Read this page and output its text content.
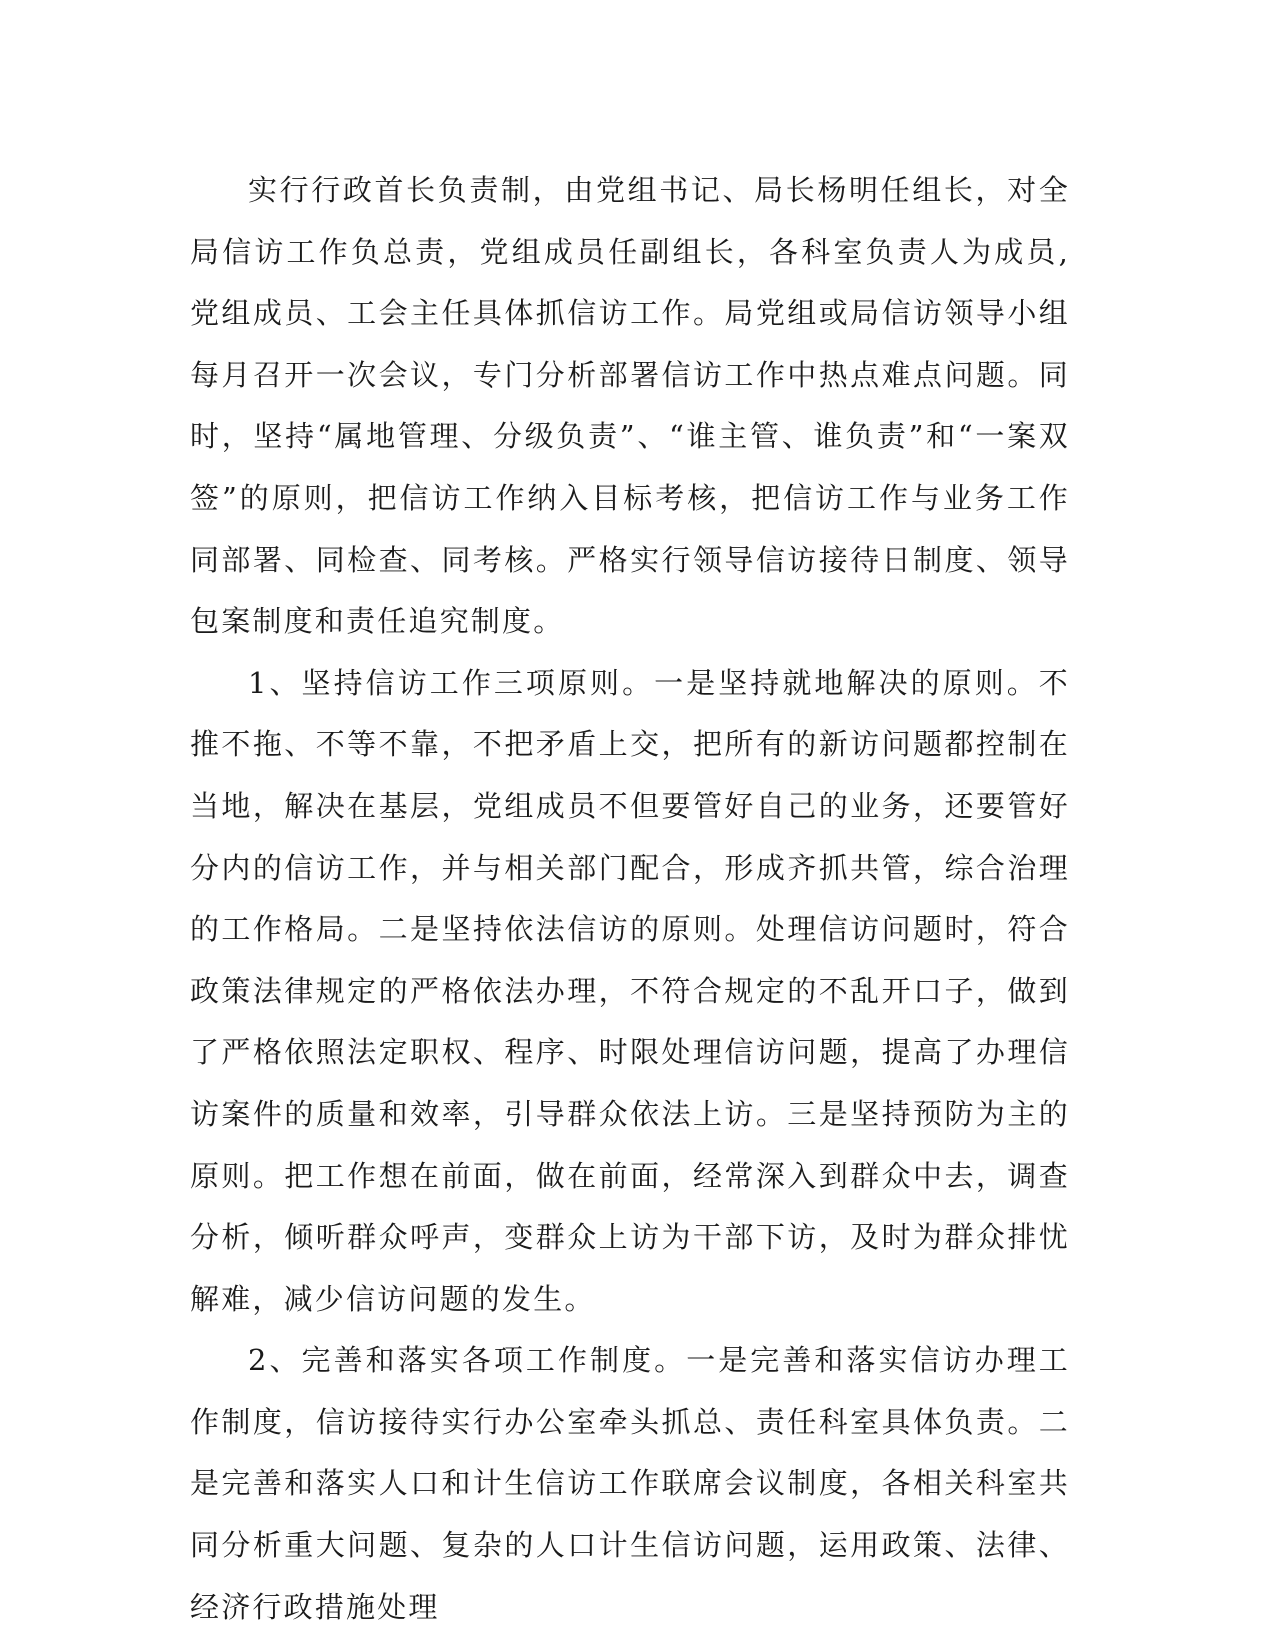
实行行政首长负责制，由党组书记、局长杨明任组长，对全局信访工作负总责，党组成员任副组长，各科室负责人为成员,党组成员、工会主任具体抓信访工作。局党组或局信访领导小组每月召开一次会议，专门分析部署信访工作中热点难点问题。同时，坚持“属地管理、分级负责”、“谁主管、谁负责”和“一案双签”的原则，把信访工作纳入目标考核，把信访工作与业务工作同部署、同检查、同考核。严格实行领导信访接待日制度、领导包案制度和责任追究制度。

1、坚持信访工作三项原则。一是坚持就地解决的原则。不推不拖、不等不靠，不把矛盾上交，把所有的新访问题都控制在当地，解决在基层，党组成员不但要管好自己的业务，还要管好分内的信访工作，并与相关部门配合，形成齐抓共管，综合治理的工作格局。二是坚持依法信访的原则。处理信访问题时，符合政策法律规定的严格依法办理，不符合规定的不乱开口子，做到了严格依照法定职权、程序、时限处理信访问题，提高了办理信访案件的质量和效率，引导群众依法上访。三是坚持预防为主的原则。把工作想在前面，做在前面，经常深入到群众中去，调查分析，倾听群众呼声，变群众上访为干部下访，及时为群众排忧解难，减少信访问题的发生。

2、完善和落实各项工作制度。一是完善和落实信访办理工作制度，信访接待实行办公室牵头抓总、责任科室具体负责。二是完善和落实人口和计生信访工作联席会议制度，各相关科室共同分析重大问题、复杂的人口计生信访问题，运用政策、法律、经济行政措施处理
